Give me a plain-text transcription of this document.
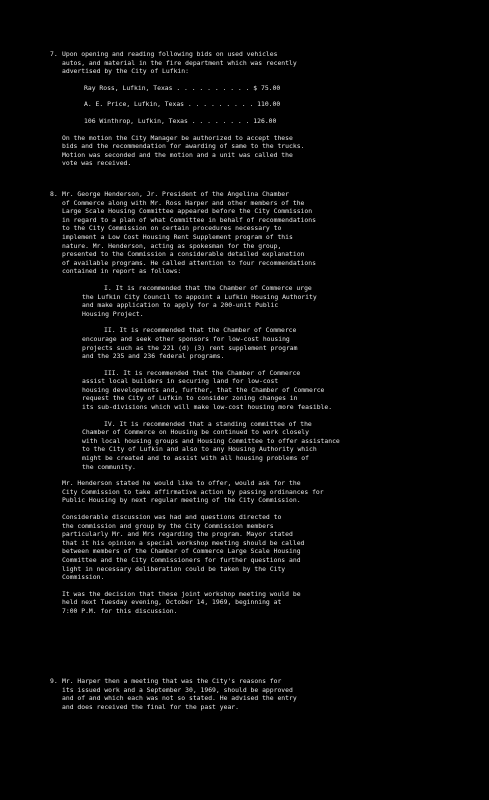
7. Upon opening and reading following bids on used vehicles
autos, and material in the fire department which was recently
advertised by the City of Lufkin:
Ray Ross, Lufkin, Texas . . . . . . . . . . $ 75.00
A. E. Price, Lufkin, Texas . . . . . . . . . 110.00
106 Winthrop, Lufkin, Texas . . . . . . . . 126.00
On the motion the City Manager be authorized to accept these
bids and the recommendation for awarding of same to the trucks.
Motion was seconded and the motion and a unit was called the
vote was received.
8. Mr. George Henderson, Jr. President of the Angelina Chamber
of Commerce along with Mr. Ross Harper and other members of the
Large Scale Housing Committee appeared before the City Commission
in regard to a plan of what Committee in behalf of recommendations
to the City Commission on certain procedures necessary to
implement a Low Cost Housing Rent Supplement program of this
nature. Mr. Henderson, acting as spokesman for the group,
presented to the Commission a considerable detailed explanation
of available programs. He called attention to four recommendations
contained in report as follows:
I. It is recommended that the Chamber of Commerce urge
the Lufkin City Council to appoint a Lufkin Housing Authority
and make application to apply for a 200-unit Public
Housing Project.
II. It is recommended that the Chamber of Commerce
encourage and seek other sponsors for low-cost housing
projects such as the 221 (d) (3) rent supplement program
and the 235 and 236 federal programs.
III. It is recommended that the Chamber of Commerce
assist local builders in securing land for low-cost
housing developments and, further, that the Chamber of Commerce
request the City of Lufkin to consider zoning changes in
its sub-divisions which will make low-cost housing more feasible.
IV. It is recommended that a standing committee of the
Chamber of Commerce on Housing be continued to work closely
with local housing groups and Housing Committee to offer assistance
to the City of Lufkin and also to any Housing Authority which
might be created and to assist with all housing problems of
the community.
Mr. Henderson stated he would like to offer, would ask for the
City Commission to take affirmative action by passing ordinances for
Public Housing by next regular meeting of the City Commission.
Considerable discussion was had and questions directed to
the commission and group by the City Commission members
particularly Mr. and Mrs regarding the program. Mayor stated
that it his opinion a special workshop meeting should be called
between members of the Chamber of Commerce Large Scale Housing
Committee and the City Commissioners for further questions and
light in necessary deliberation could be taken by the City
Commission.
It was the decision that these joint workshop meeting would be
held next Tuesday evening, October 14, 1969, beginning at
7:00 P.M. for this discussion.
9. Mr. Harper then a meeting that was the City's reasons for
its issued work and a September 30, 1969, should be approved
and of and which each was not so stated. He advised the entry
and does received the final for the past year.
